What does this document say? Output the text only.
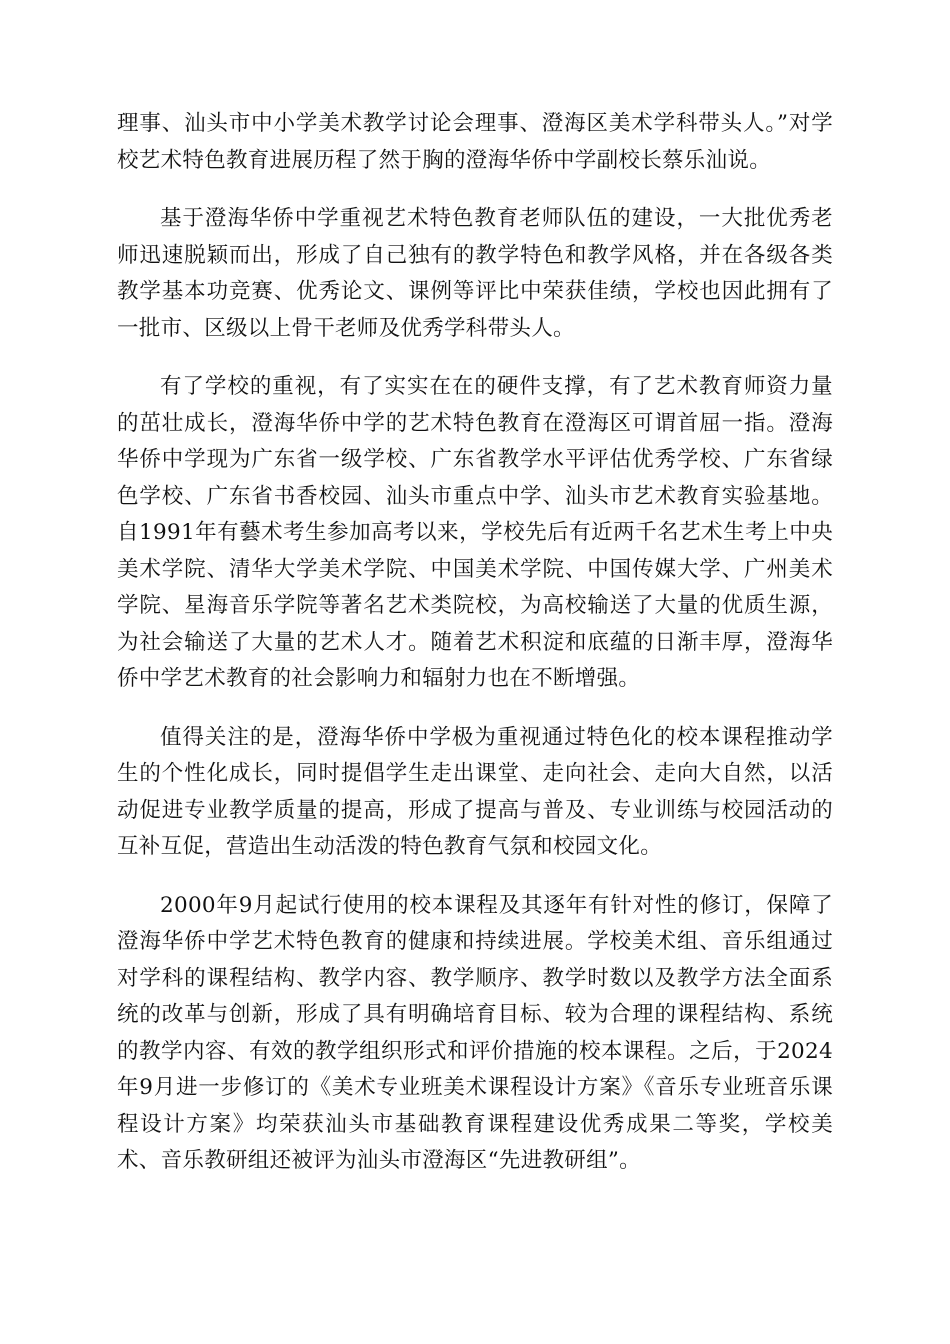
理事、汕头市中小学美术教学讨论会理事、澄海区美术学科带头人。”对学校艺术特色教育进展历程了然于胸的澄海华侨中学副校长蔡乐汕说。

基于澄海华侨中学重视艺术特色教育老师队伍的建设，一大批优秀老师迅速脱颖而出，形成了自己独有的教学特色和教学风格，并在各级各类教学基本功竞赛、优秀论文、课例等评比中荣获佳绩，学校也因此拥有了一批市、区级以上骨干老师及优秀学科带头人。

有了学校的重视，有了实实在在的硬件支撑，有了艺术教育师资力量的茁壮成长，澄海华侨中学的艺术特色教育在澄海区可谓首屈一指。澄海华侨中学现为广东省一级学校、广东省教学水平评估优秀学校、广东省绿色学校、广东省书香校园、汕头市重点中学、汕头市艺术教育实验基地。自1991年有藝术考生参加高考以来，学校先后有近两千名艺术生考上中央美术学院、清华大学美术学院、中国美术学院、中国传媒大学、广州美术学院、星海音乐学院等著名艺术类院校，为高校输送了大量的优质生源，为社会输送了大量的艺术人才。随着艺术积淀和底蕴的日渐丰厚，澄海华侨中学艺术教育的社会影响力和辐射力也在不断增强。

值得关注的是，澄海华侨中学极为重视通过特色化的校本课程推动学生的个性化成长，同时提倡学生走出课堂、走向社会、走向大自然，以活动促进专业教学质量的提高，形成了提高与普及、专业训练与校园活动的互补互促，营造出生动活泼的特色教育气氛和校园文化。

2000年9月起试行使用的校本课程及其逐年有针对性的修订，保障了澄海华侨中学艺术特色教育的健康和持续进展。学校美术组、音乐组通过对学科的课程结构、教学内容、教学顺序、教学时数以及教学方法全面系统的改革与创新，形成了具有明确培育目标、较为合理的课程结构、系统的教学内容、有效的教学组织形式和评价措施的校本课程。之后，于2024年9月进一步修订的《美术专业班美术课程设计方案》《音乐专业班音乐课程设计方案》均荣获汕头市基础教育课程建设优秀成果二等奖，学校美术、音乐教研组还被评为汕头市澄海区“先进教研组”。
